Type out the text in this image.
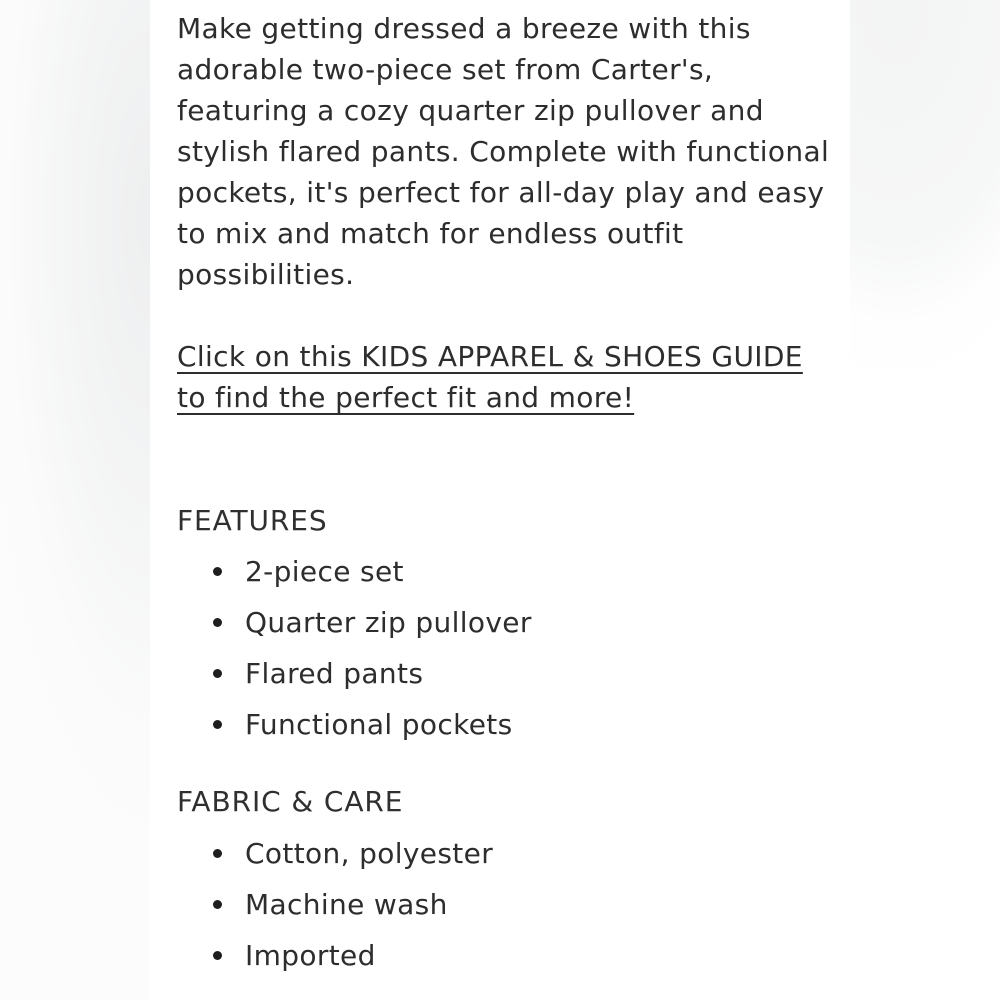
Make getting dressed a breeze with this
adorable two-piece set from Carter's,
featuring a cozy quarter zip pullover and
stylish flared pants. Complete with functional
pockets, it's perfect for all-day play and easy
to mix and match for endless outfit
possibilities.

Click on this KIDS APPAREL & SHOES GUIDE
to find the perfect fit and more!
FEATURES
2-piece set
Quarter zip pullover
Flared pants
Functional pockets
FABRIC & CARE
Cotton, polyester
Machine wash
Imported
